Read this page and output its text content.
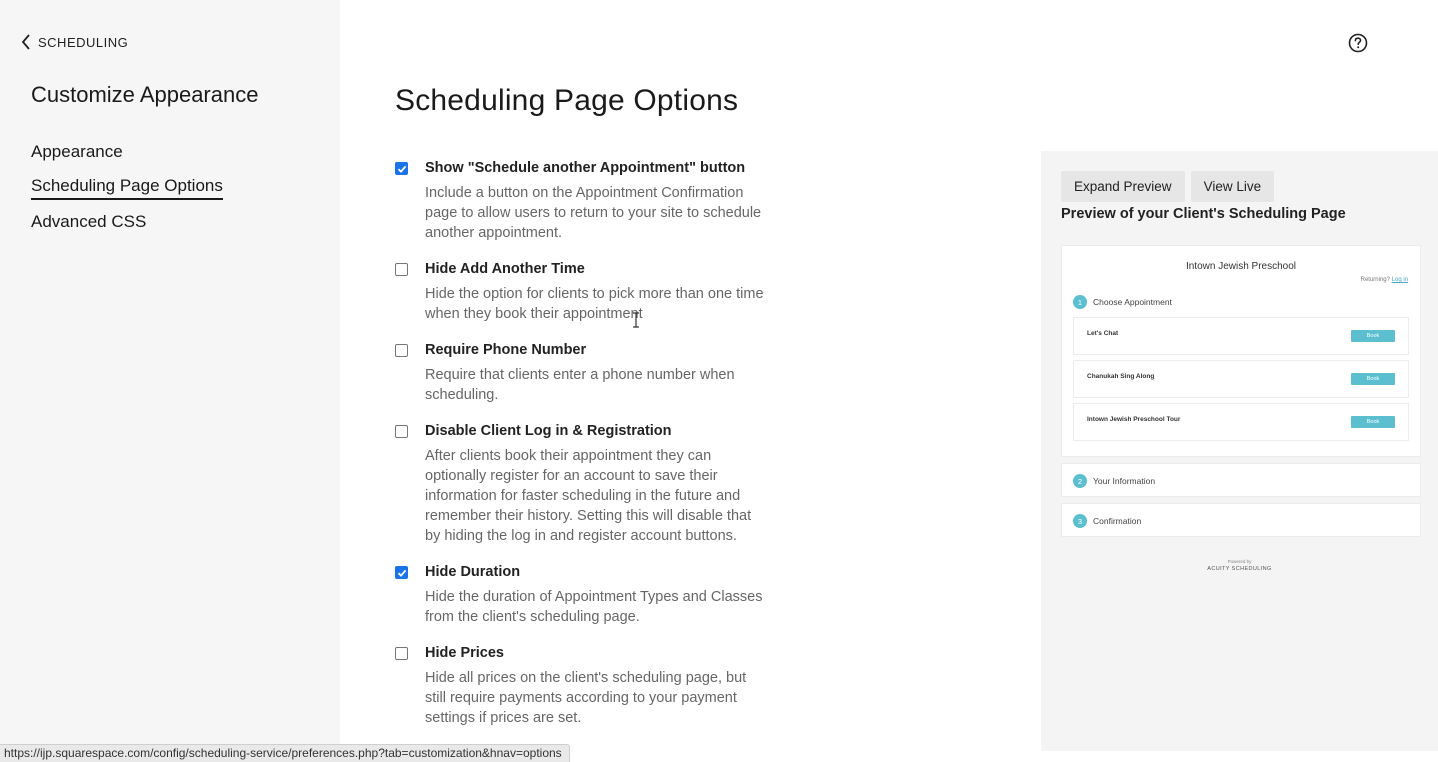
SCHEDULING
Customize Appearance
Appearance
Scheduling Page Options
Advanced CSS
Scheduling Page Options
Show "Schedule another Appointment" button
Include a button on the Appointment Confirmation page to allow users to return to your site to schedule another appointment.
Hide Add Another Time
Hide the option for clients to pick more than one time when they book their appointment
Require Phone Number
Require that clients enter a phone number when scheduling.
Disable Client Log in & Registration
After clients book their appointment they can optionally register for an account to save their information for faster scheduling in the future and remember their history. Setting this will disable that by hiding the log in and register account buttons.
Hide Duration
Hide the duration of Appointment Types and Classes from the client's scheduling page.
Hide Prices
Hide all prices on the client's scheduling page, but still require payments according to your payment settings if prices are set.
Expand Preview	View Live
Preview of your Client's Scheduling Page
Intown Jewish Preschool
Returning? Log in
1	Choose Appointment
Let's Chat	Book
Chanukah Sing Along	Book
Intown Jewish Preschool Tour	Book
2	Your Information
3	Confirmation
Powered by
ACUITY SCHEDULING
https://ijp.squarespace.com/config/scheduling-service/preferences.php?tab=customization&hnav=options
